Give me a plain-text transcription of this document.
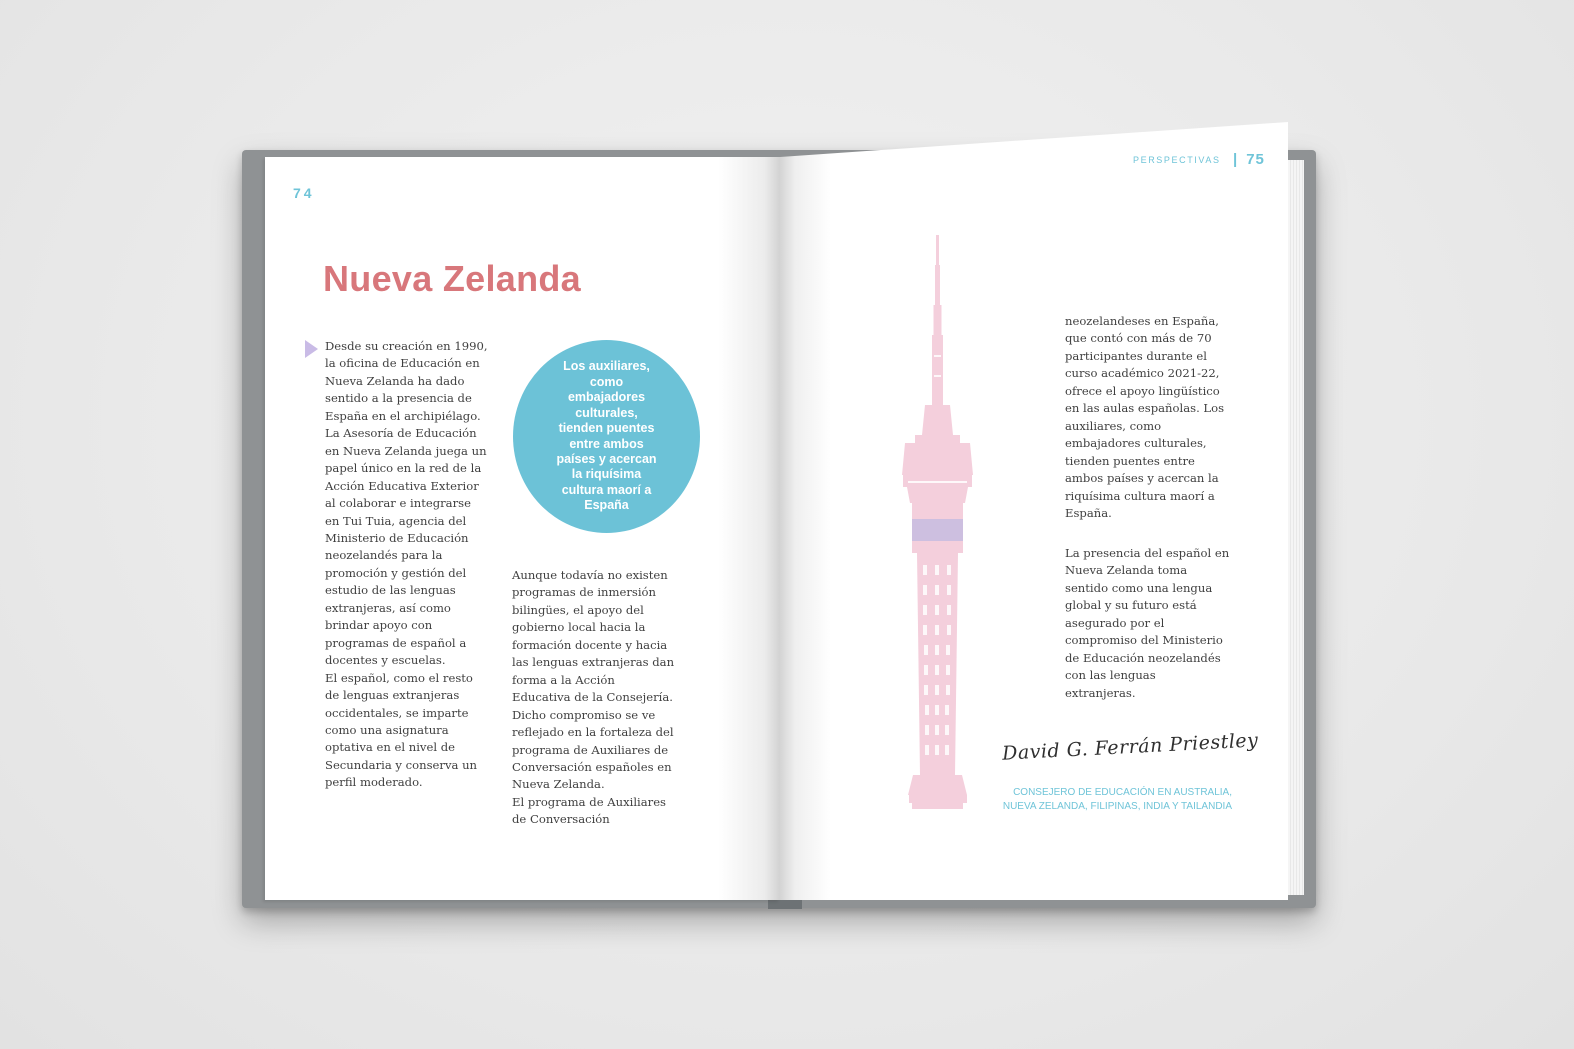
74
Nueva Zelanda
Desde su creación en 1990,
la oficina de Educación en
Nueva Zelanda ha dado
sentido a la presencia de
España en el archipiélago.
La Asesoría de Educación
en Nueva Zelanda juega un
papel único en la red de la
Acción Educativa Exterior
al colaborar e integrarse
en Tui Tuia, agencia del
Ministerio de Educación
neozelandés para la
promoción y gestión del
estudio de las lenguas
extranjeras, así como
brindar apoyo con
programas de español a
docentes y escuelas.
El español, como el resto
de lenguas extranjeras
occidentales, se imparte
como una asignatura
optativa en el nivel de
Secundaria y conserva un
perfil moderado.
Los auxiliares,
como
embajadores
culturales,
tienden puentes
entre ambos
países y acercan
la riquísima
cultura maorí a
España
Aunque todavía no existen
programas de inmersión
bilingües, el apoyo del
gobierno local hacia la
formación docente y hacia
las lenguas extranjeras dan
forma a la Acción
Educativa de la Consejería.
Dicho compromiso se ve
reflejado en la fortaleza del
programa de Auxiliares de
Conversación españoles en
Nueva Zelanda.
El programa de Auxiliares
de Conversación
PERSPECTIVAS | 75
neozelandeses en España,
que contó con más de 70
participantes durante el
curso académico 2021-22,
ofrece el apoyo lingüístico
en las aulas españolas. Los
auxiliares, como
embajadores culturales,
tienden puentes entre
ambos países y acercan la
riquísima cultura maorí a
España.
La presencia del español en
Nueva Zelanda toma
sentido como una lengua
global y su futuro está
asegurado por el
compromiso del Ministerio
de Educación neozelandés
con las lenguas
extranjeras.
David G. Ferrán Priestley
CONSEJERO DE EDUCACIÓN EN AUSTRALIA,
NUEVA ZELANDA, FILIPINAS, INDIA Y TAILANDIA
